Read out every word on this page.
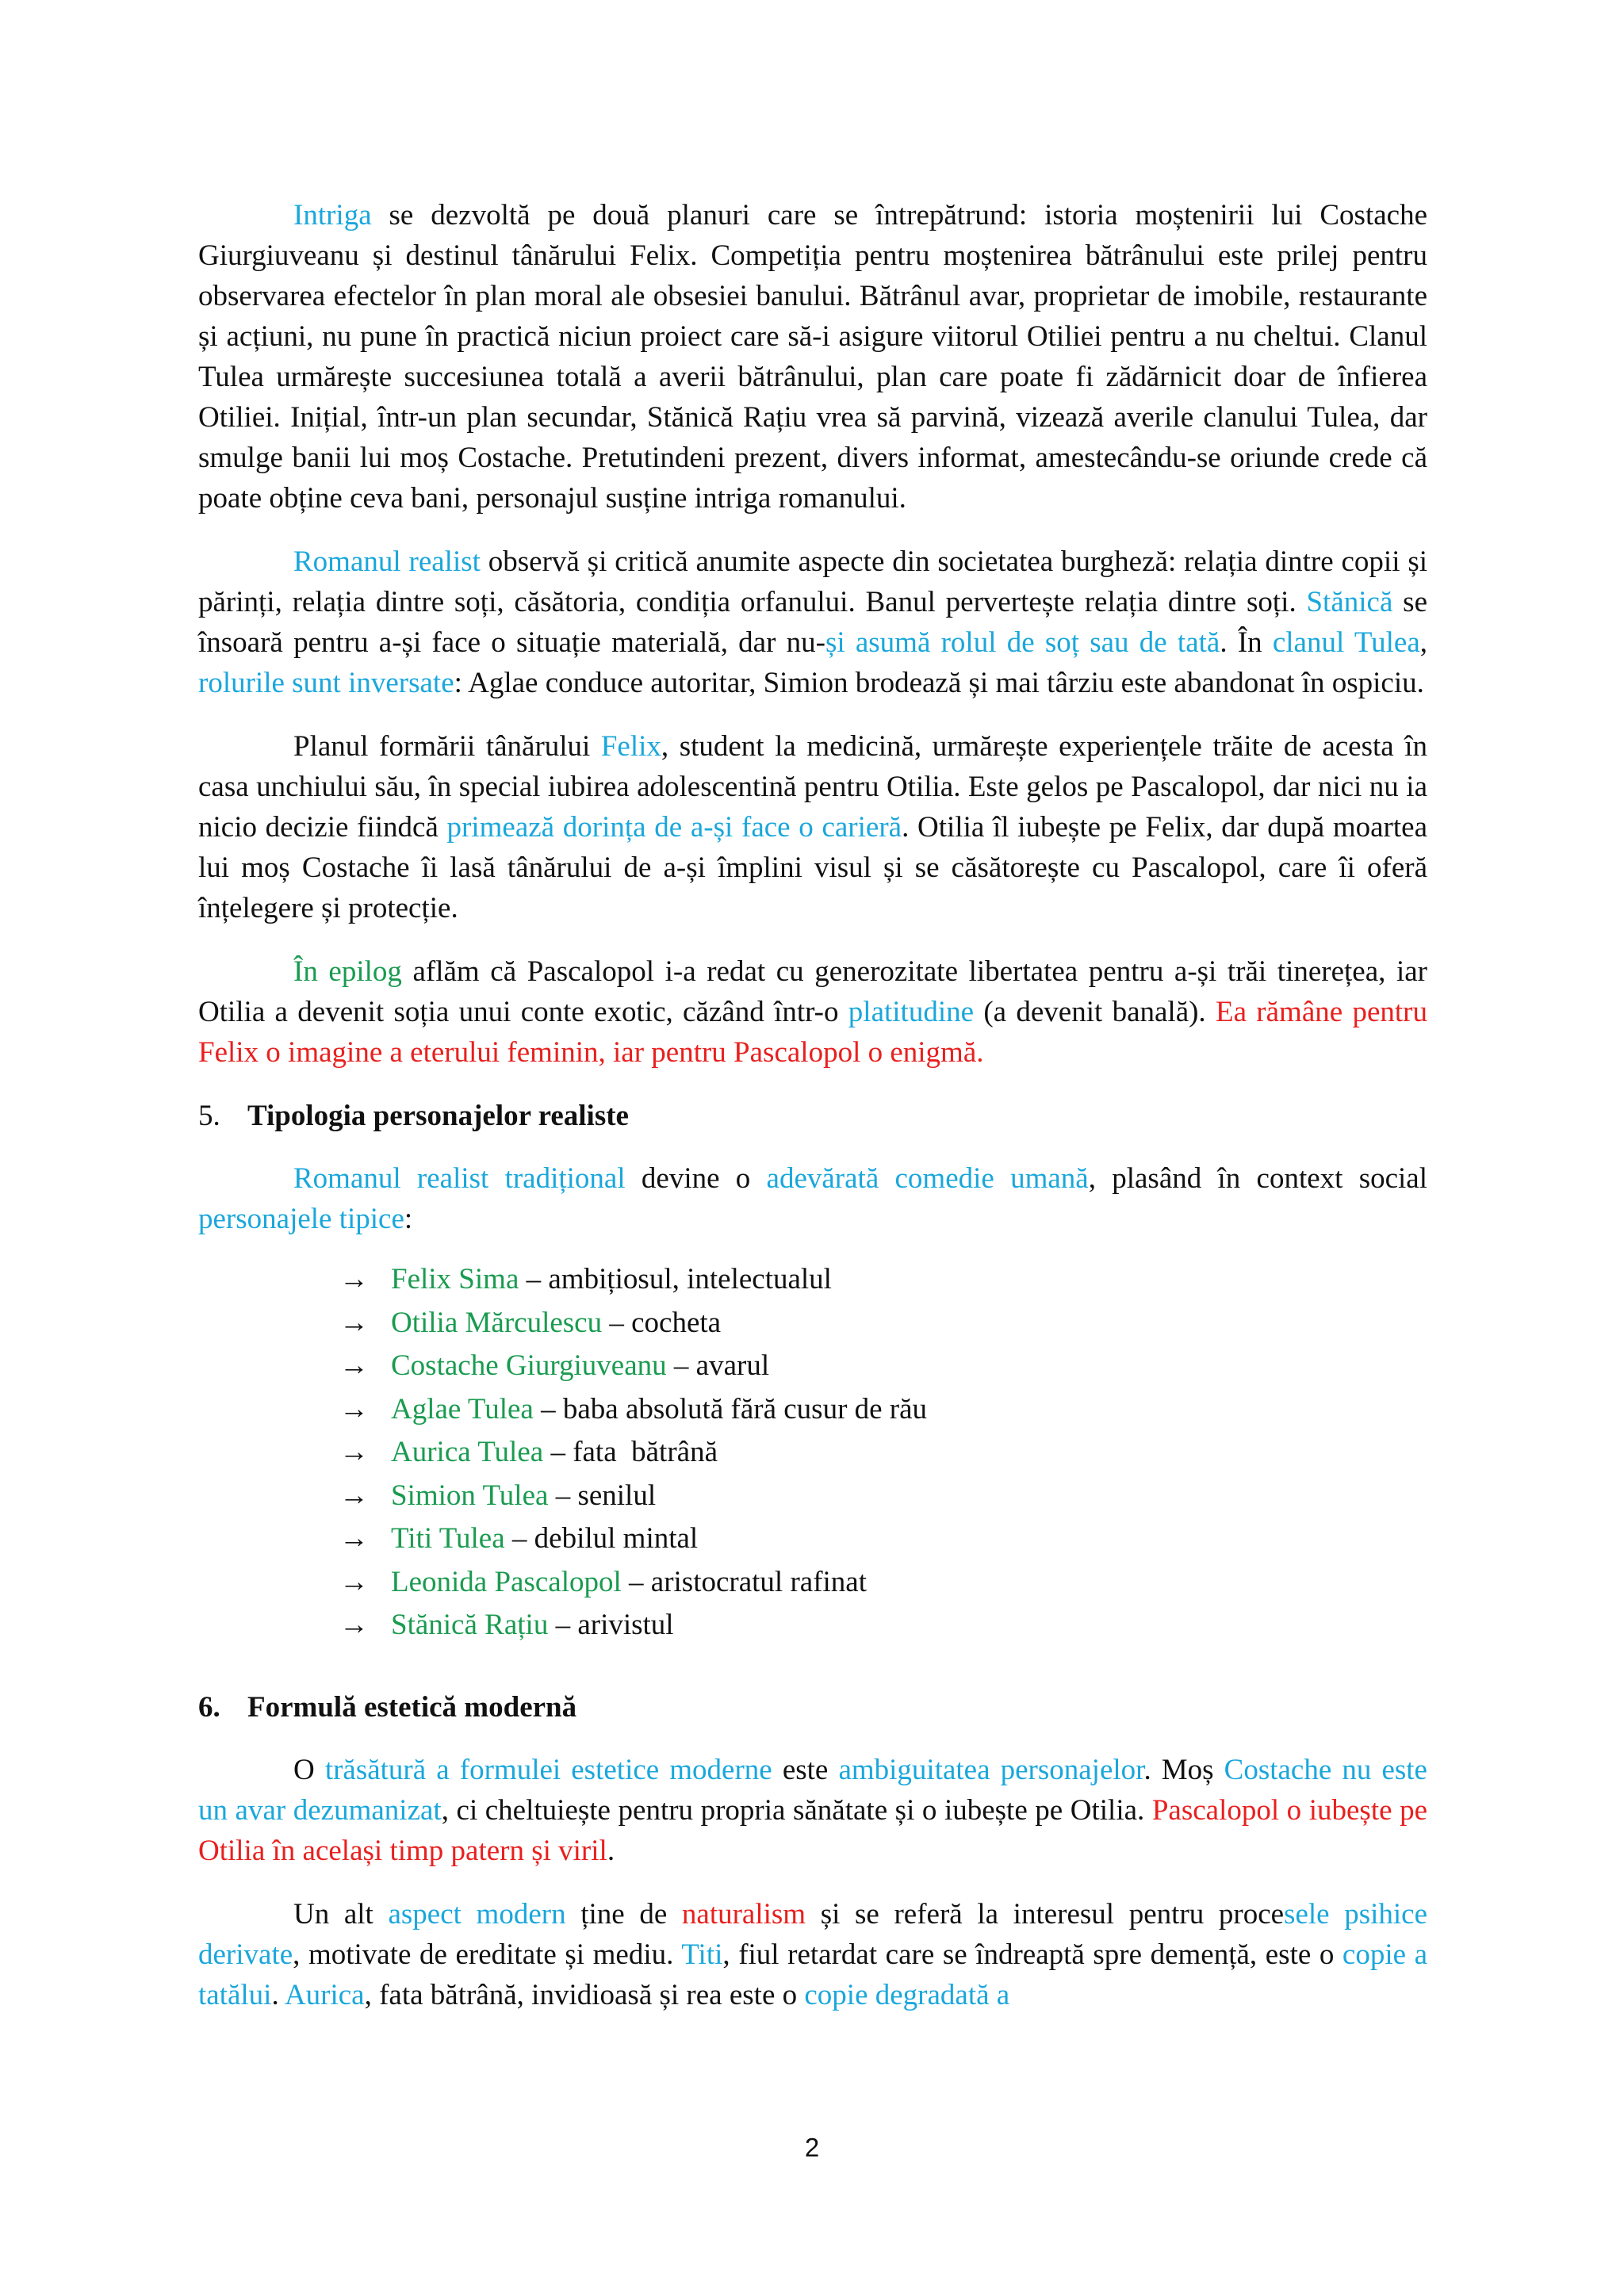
Intriga se dezvoltă pe două planuri care se întrepătrund: istoria moștenirii lui Costache Giurgiuveanu și destinul tânărului Felix. Competiția pentru moștenirea bătrânului este prilej pentru observarea efectelor în plan moral ale obsesiei banului. Bătrânul avar, proprietar de imobile, restaurante și acțiuni, nu pune în practică niciun proiect care să-i asigure viitorul Otiliei pentru a nu cheltui. Clanul Tulea urmărește succesiunea totală a averii bătrânului, plan care poate fi zădărnicit doar de înfierea Otiliei. Inițial, într-un plan secundar, Stănică Rațiu vrea să parvină, vizează averile clanului Tulea, dar smulge banii lui moș Costache. Pretutindeni prezent, divers informat, amestecându-se oriunde crede că poate obține ceva bani, personajul susține intriga romanului.

Romanul realist observă și critică anumite aspecte din societatea burgheză: relația dintre copii și părinți, relația dintre soți, căsătoria, condiția orfanului. Banul pervertește relația dintre soți. Stănică se însoară pentru a-și face o situație materială, dar nu-și asumă rolul de soț sau de tată. În clanul Tulea, rolurile sunt inversate: Aglae conduce autoritar, Simion brodează și mai târziu este abandonat în ospiciu.

Planul formării tânărului Felix, student la medicină, urmărește experiențele trăite de acesta în casa unchiului său, în special iubirea adolescentină pentru Otilia. Este gelos pe Pascalopol, dar nici nu ia nicio decizie fiindcă primează dorința de a-și face o carieră. Otilia îl iubește pe Felix, dar după moartea lui moș Costache îi lasă tânărului de a-și împlini visul și se căsătorește cu Pascalopol, care îi oferă înțelegere și protecție.

În epilog aflăm că Pascalopol i-a redat cu generozitate libertatea pentru a-și trăi tinerețea, iar Otilia a devenit soția unui conte exotic, căzând într-o platitudine (a devenit banală). Ea rămâne pentru Felix o imagine a eterului feminin, iar pentru Pascalopol o enigmă.

5. Tipologia personajelor realiste

Romanul realist tradițional devine o adevărată comedie umană, plasând în context social personajele tipice:

→ Felix Sima – ambițiosul, intelectualul
→ Otilia Mărculescu – cocheta
→ Costache Giurgiuveanu – avarul
→ Aglae Tulea – baba absolută fără cusur de rău
→ Aurica Tulea – fata  bătrână
→ Simion Tulea – senilul
→ Titi Tulea – debilul mintal
→ Leonida Pascalopol – aristocratul rafinat
→ Stănică Rațiu – arivistul
6. Formulă estetică modernă

O trăsătură a formulei estetice moderne este ambiguitatea personajelor. Moș Costache nu este un avar dezumanizat, ci cheltuiește pentru propria sănătate și o iubește pe Otilia. Pascalopol o iubește pe Otilia în același timp patern și viril.

Un alt aspect modern ține de naturalism și se referă la interesul pentru procesele psihice derivate, motivate de ereditate și mediu. Titi, fiul retardat care se îndreaptă spre demență, este o copie a tatălui. Aurica, fata bătrână, invidioasă și rea este o copie degradată a

2
